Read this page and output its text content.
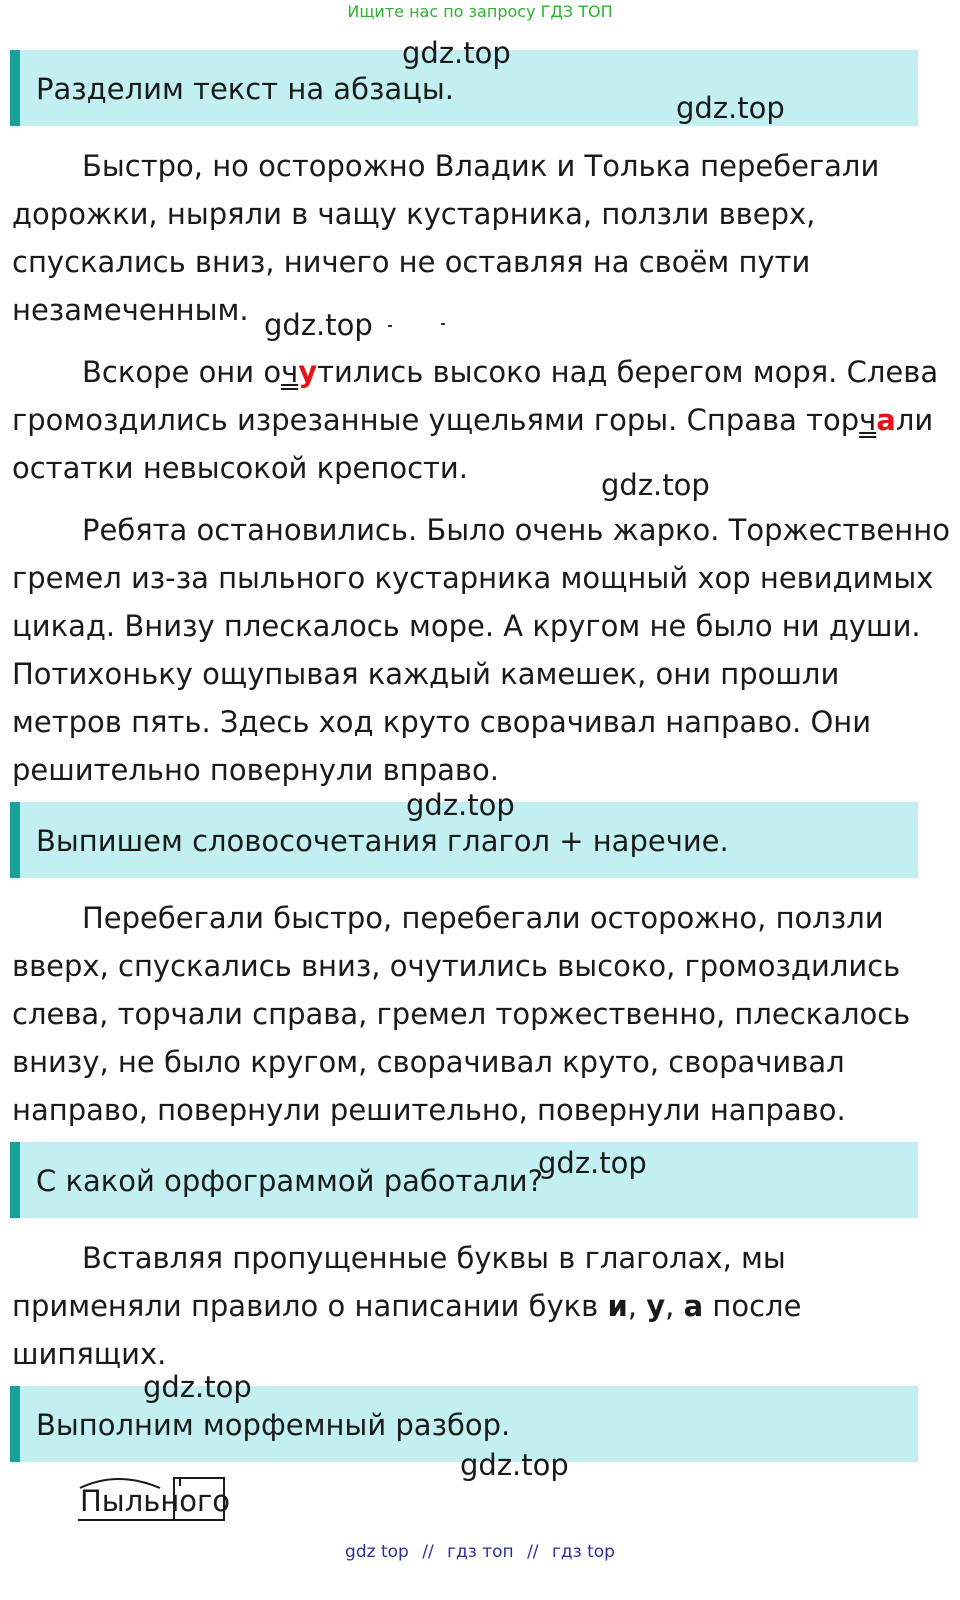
Ищите нас по запросу ГДЗ ТОП
Разделим текст на абзацы.
gdz.top
gdz.top
Быстро, но осторожно Владик и Толька перебегали
дорожки, ныряли в чащу кустарника, ползли вверх,
спускались вниз, ничего не оставляя на своём пути
незамеченным. gdz.top
Вскоре они очутились высоко над берегом моря. Слева
громоздились изрезанные ущельями горы. Справа торчали
остатки невысокой крепости.	gdz.top
Ребята остановились. Было очень жарко. Торжественно
гремел из-за пыльного кустарника мощный хор невидимых
цикад. Внизу плескалось море. А кругом не было ни души.
Потихоньку ощупывая каждый камешек, они прошли
метров пять. Здесь ход круто сворачивал направо. Они
решительно повернули вправо.
Выпишем словосочетания глагол + наречие.
gdz.top
Перебегали быстро, перебегали осторожно, ползли
вверх, спускались вниз, очутились высоко, громоздились
слева, торчали справа, гремел торжественно, плескалось
внизу, не было кругом, сворачивал круто, сворачивал
направо, повернули решительно, повернули направо.
С какой орфограммой работали?
gdz.top
Вставляя пропущенные буквы в глаголах, мы
применяли правило о написании букв и, у, а после
шипящих.
Выполним морфемный разбор.
gdz.top
gdz.top
Пыльного
gdz top // гдз топ // гдз top
